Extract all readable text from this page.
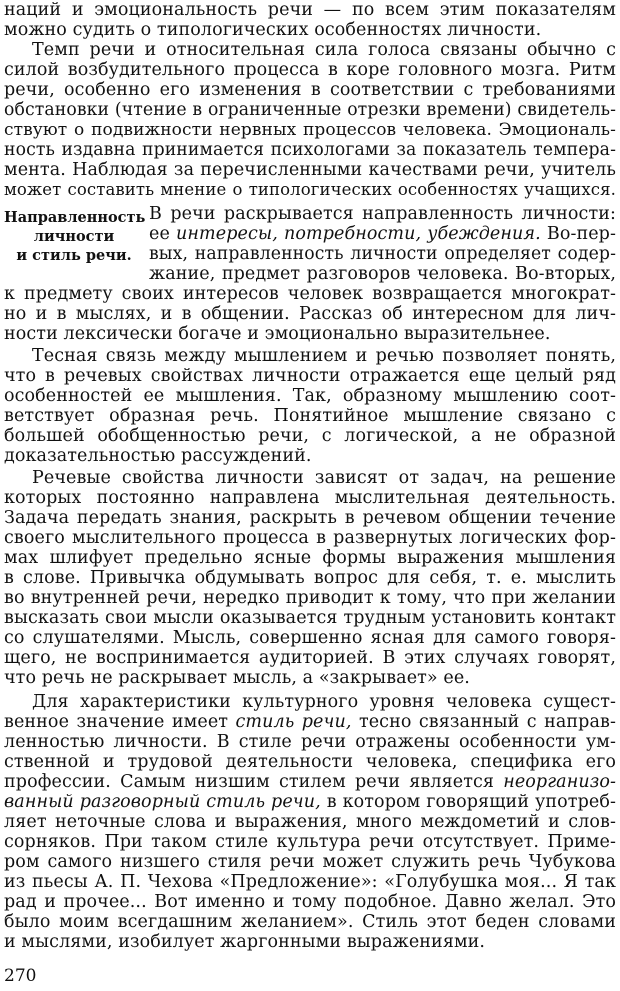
Направленность
личности
и стиль речи.
наций и эмоциональность речи — по всем этим показателям
можно судить о типологических особенностях личности.
Темп речи и относительная сила голоса связаны обычно с
силой возбудительного процесса в коре головного мозга. Ритм
речи, особенно его изменения в соответствии с требованиями
обстановки (чтение в ограниченные отрезки времени) свидетель-
ствуют о подвижности нервных процессов человека. Эмоциональ-
ность издавна принимается психологами за показатель темпера-
мента. Наблюдая за перечисленными качествами речи, учитель
может составить мнение о типологических особенностях учащихся.
В речи раскрывается направленность личности:
ее интересы, потребности, убеждения. Во-пер-
вых, направленность личности определяет содер-
жание, предмет разговоров человека. Во-вторых,
к предмету своих интересов человек возвращается многократ-
но и в мыслях, и в общении. Рассказ об интересном для лич-
ности лексически богаче и эмоционально выразительнее.
Тесная связь между мышлением и речью позволяет понять,
что в речевых свойствах личности отражается еще целый ряд
особенностей ее мышления. Так, образному мышлению соот-
ветствует образная речь. Понятийное мышление связано с
большей обобщенностью речи, с логической, а не образной
доказательностью рассуждений.
Речевые свойства личности зависят от задач, на решение
которых постоянно направлена мыслительная деятельность.
Задача передать знания, раскрыть в речевом общении течение
своего мыслительного процесса в развернутых логических фор-
мах шлифует предельно ясные формы выражения мышления
в слове. Привычка обдумывать вопрос для себя, т. е. мыслить
во внутренней речи, нередко приводит к тому, что при желании
высказать свои мысли оказывается трудным установить контакт
со слушателями. Мысль, совершенно ясная для самого говоря-
щего, не воспринимается аудиторией. В этих случаях говорят,
что речь не раскрывает мысль, а «закрывает» ее.
Для характеристики культурного уровня человека сущест-
венное значение имеет стиль речи, тесно связанный с направ-
ленностью личности. В стиле речи отражены особенности ум-
ственной и трудовой деятельности человека, специфика его
профессии. Самым низшим стилем речи является неорганизо-
ванный разговорный стиль речи, в котором говорящий употреб-
ляет неточные слова и выражения, много междометий и слов-
сорняков. При таком стиле культура речи отсутствует. Приме-
ром самого низшего стиля речи может служить речь Чубукова
из пьесы А. П. Чехова «Предложение»: «Голубушка моя... Я так
рад и прочее... Вот именно и тому подобное. Давно желал. Это
было моим всегдашним желанием». Стиль этот беден словами
и мыслями, изобилует жаргонными выражениями.
270
